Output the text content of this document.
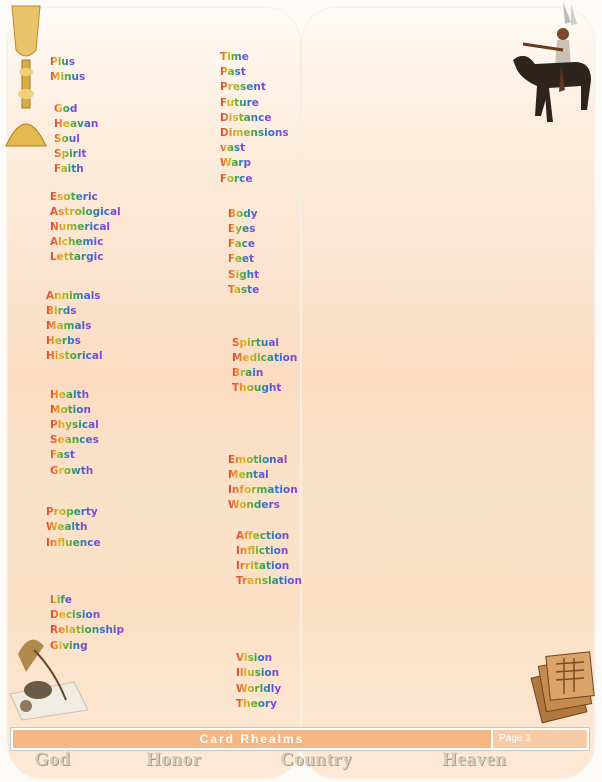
Plus
Minus
God
Heavan
Soul
Spirit
Faith
Esoteric
Astrological
Numerical
Alchemic
Lettargic
Annimals
Birds
Mamals
Herbs
Historical
Health
Motion
Physical
Seances
Fast
Growth
Property
Wealth
Influence
Life
Decision
Relationship
Giving
Time
Past
Present
Future
Distance
Dimensions
vast
Warp
Force
Body
Eyes
Face
Feet
Sight
Taste
Spirtual
Medication
Brain
Thought
Emotional
Mental
Information
Wonders
Affection
Infliction
Irritation
Translation
Vision
Illusion
Worldly
Theory
Card Rhealms	Page 3
God	Honor	Country	Heaven
